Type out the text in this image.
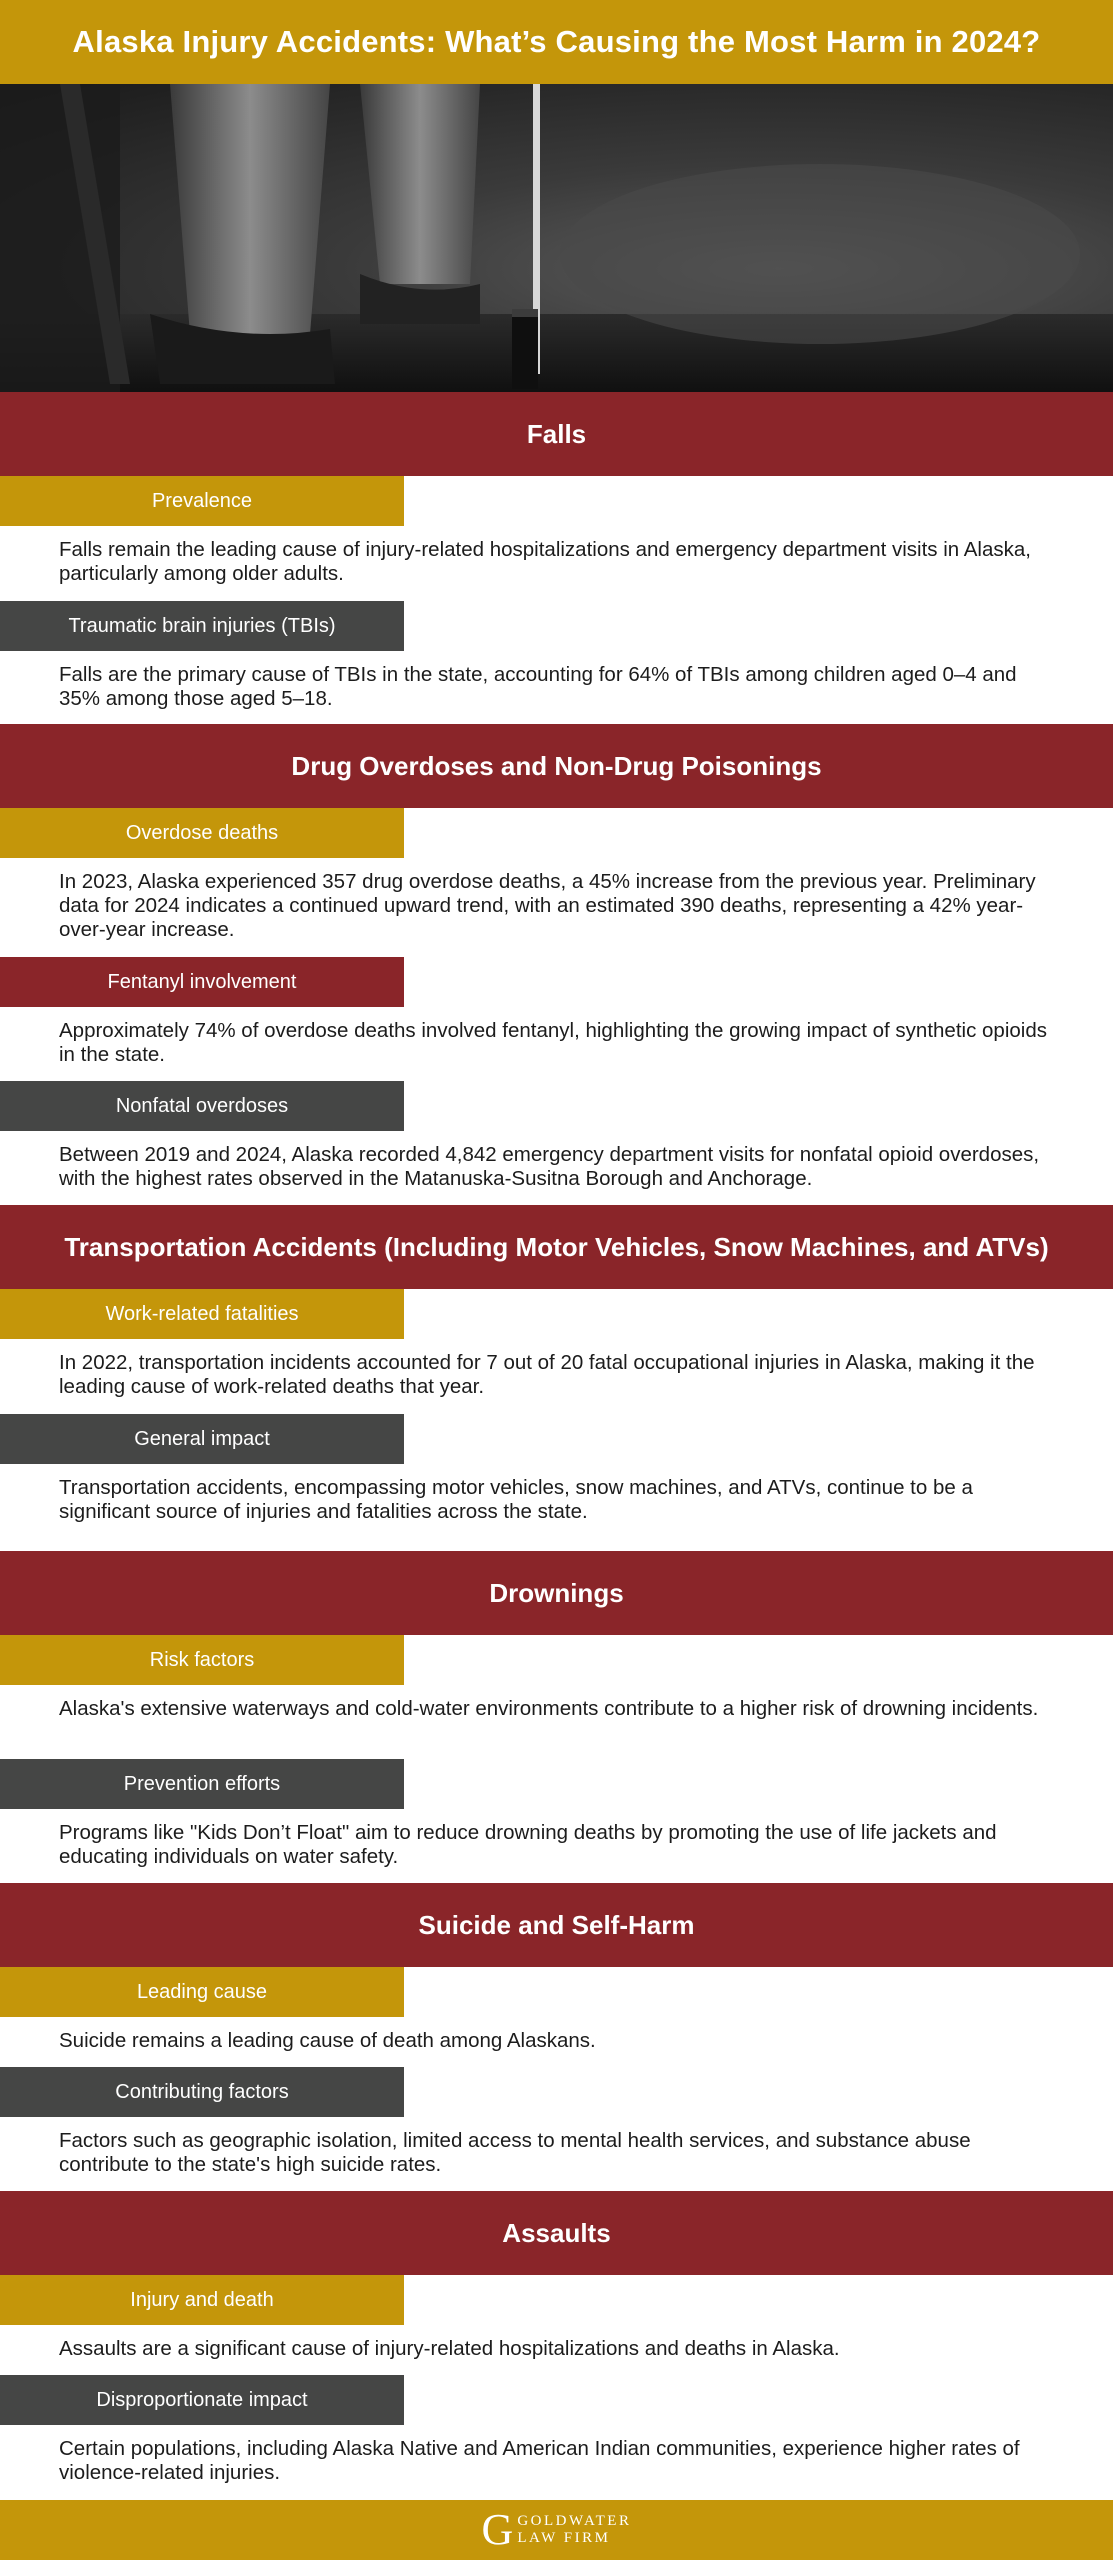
Alaska Injury Accidents: What’s Causing the Most Harm in 2024?
Falls
Prevalence
Falls remain the leading cause of injury-related hospitalizations and emergency department visits in Alaska, particularly among older adults.
Traumatic brain injuries (TBIs)
Falls are the primary cause of TBIs in the state, accounting for 64% of TBIs among children aged 0–4 and 35% among those aged 5–18.
Drug Overdoses and Non-Drug Poisonings
Overdose deaths
In 2023, Alaska experienced 357 drug overdose deaths, a 45% increase from the previous year. Preliminary data for 2024 indicates a continued upward trend, with an estimated 390 deaths, representing a 42% year-over-year increase.
Fentanyl involvement
Approximately 74% of overdose deaths involved fentanyl, highlighting the growing impact of synthetic opioids in the state.
Nonfatal overdoses
Between 2019 and 2024, Alaska recorded 4,842 emergency department visits for nonfatal opioid overdoses, with the highest rates observed in the Matanuska-Susitna Borough and Anchorage.
Transportation Accidents (Including Motor Vehicles, Snow Machines, and ATVs)
Work-related fatalities
In 2022, transportation incidents accounted for 7 out of 20 fatal occupational injuries in Alaska, making it the leading cause of work-related deaths that year.
General impact
Transportation accidents, encompassing motor vehicles, snow machines, and ATVs, continue to be a significant source of injuries and fatalities across the state.
Drownings
Risk factors
Alaska's extensive waterways and cold-water environments contribute to a higher risk of drowning incidents.
Prevention efforts
Programs like "Kids Don’t Float" aim to reduce drowning deaths by promoting the use of life jackets and educating individuals on water safety.
Suicide and Self-Harm
Leading cause
Suicide remains a leading cause of death among Alaskans.
Contributing factors
Factors such as geographic isolation, limited access to mental health services, and substance abuse contribute to the state's high suicide rates.
Assaults
Injury and death
Assaults are a significant cause of injury-related hospitalizations and deaths in Alaska.
Disproportionate impact
Certain populations, including Alaska Native and American Indian communities, experience higher rates of violence-related injuries.
G GOLDWATER
LAW FIRM
